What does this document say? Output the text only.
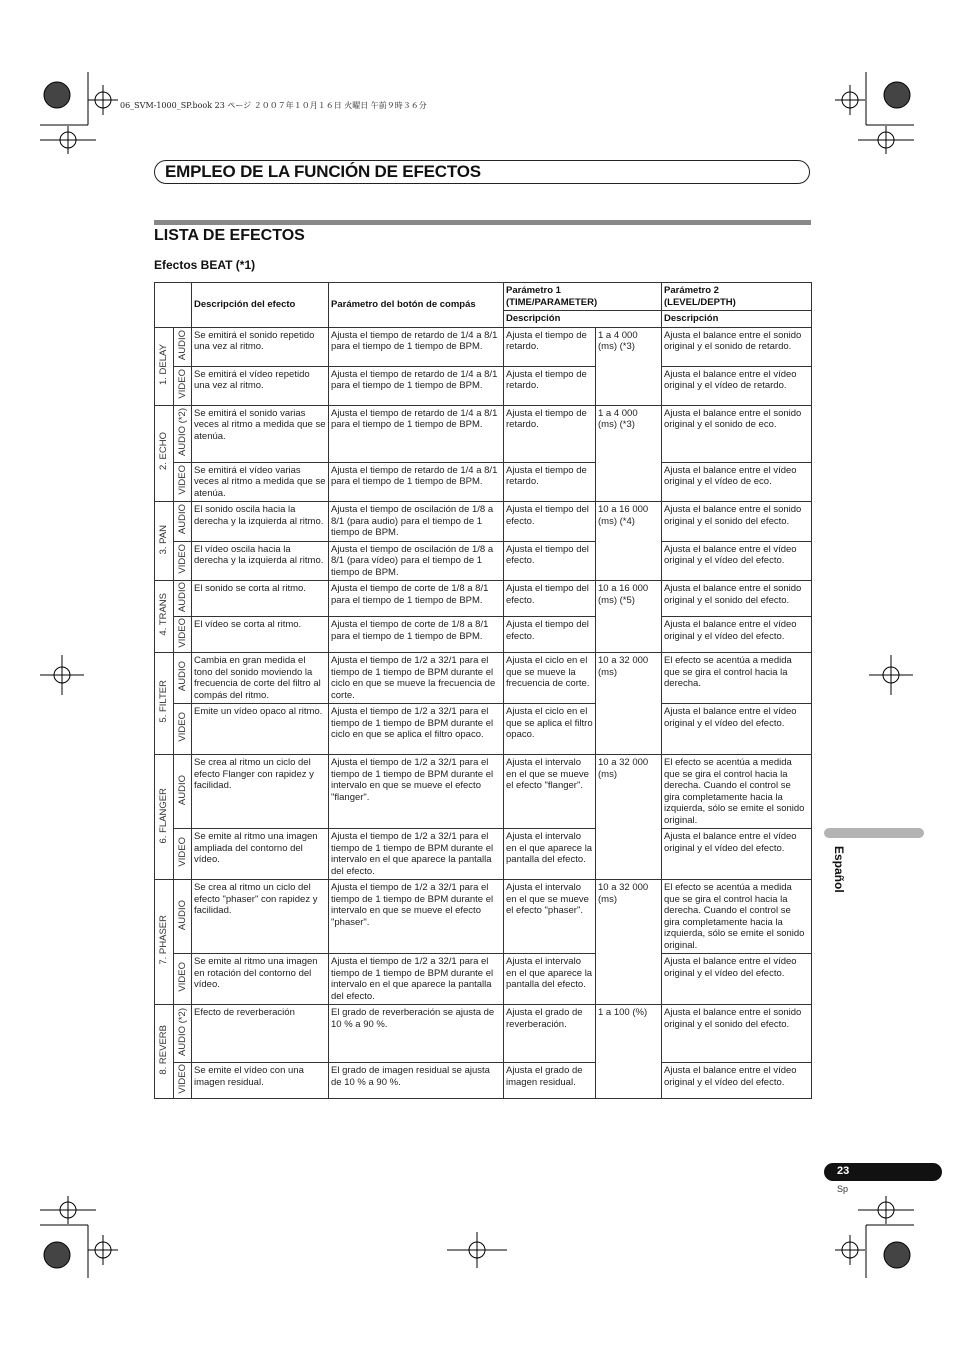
06_SVM-1000_SP.book 23 ページ ２００７年１０月１６日 火曜日 午前９時３６分
EMPLEO DE LA FUNCIÓN DE EFECTOS
LISTA DE EFECTOS
Efectos BEAT (*1)
		Descripción del efecto	Parámetro del botón de compás	Parámetro 1
(TIME/PARAMETER)		Parámetro 2
(LEVEL/DEPTH)
				Descripción		Descripción
1. DELAY	AUDIO	Se emitirá el sonido repetido una vez al ritmo.	Ajusta el tiempo de retardo de 1/4 a 8/1 para el tiempo de 1 tiempo de BPM.	Ajusta el tiempo de retardo.	1 a 4 000 (ms) (*3)	Ajusta el balance entre el sonido original y el sonido de retardo.
	VIDEO	Se emitirá el vídeo repetido una vez al ritmo.	Ajusta el tiempo de retardo de 1/4 a 8/1 para el tiempo de 1 tiempo de BPM.	Ajusta el tiempo de retardo.		Ajusta el balance entre el vídeo original y el vídeo de retardo.
2. ECHO	AUDIO (*2)	Se emitirá el sonido varias veces al ritmo a medida que se atenúa.	Ajusta el tiempo de retardo de 1/4 a 8/1 para el tiempo de 1 tiempo de BPM.	Ajusta el tiempo de retardo.	1 a 4 000 (ms) (*3)	Ajusta el balance entre el sonido original y el sonido de eco.
	VIDEO	Se emitirá el vídeo varias veces al ritmo a medida que se atenúa.	Ajusta el tiempo de retardo de 1/4 a 8/1 para el tiempo de 1 tiempo de BPM.	Ajusta el tiempo de retardo.		Ajusta el balance entre el vídeo original y el vídeo de eco.
3. PAN	AUDIO	El sonido oscila hacia la derecha y la izquierda al ritmo.	Ajusta el tiempo de oscilación de 1/8 a 8/1 (para audio) para el tiempo de 1 tiempo de BPM.	Ajusta el tiempo del efecto.	10 a 16 000 (ms) (*4)	Ajusta el balance entre el sonido original y el sonido del efecto.
	VIDEO	El vídeo oscila hacia la derecha y la izquierda al ritmo.	Ajusta el tiempo de oscilación de 1/8 a 8/1 (para vídeo) para el tiempo de 1 tiempo de BPM.	Ajusta el tiempo del efecto.		Ajusta el balance entre el vídeo original y el vídeo del efecto.
4. TRANS	AUDIO	El sonido se corta al ritmo.	Ajusta el tiempo de corte de 1/8 a 8/1 para el tiempo de 1 tiempo de BPM.	Ajusta el tiempo del efecto.	10 a 16 000 (ms) (*5)	Ajusta el balance entre el sonido original y el sonido del efecto.
	VIDEO	El vídeo se corta al ritmo.	Ajusta el tiempo de corte de 1/8 a 8/1 para el tiempo de 1 tiempo de BPM.	Ajusta el tiempo del efecto.		Ajusta el balance entre el vídeo original y el vídeo del efecto.
5. FILTER	AUDIO	Cambia en gran medida el tono del sonido moviendo la frecuencia de corte del filtro al compás del ritmo.	Ajusta el tiempo de 1/2 a 32/1 para el tiempo de 1 tiempo de BPM durante el ciclo en que se mueve la frecuencia de corte.	Ajusta el ciclo en el que se mueve la frecuencia de corte.	10 a 32 000 (ms)	El efecto se acentúa a medida que se gira el control hacia la derecha.
	VIDEO	Emite un vídeo opaco al ritmo.	Ajusta el tiempo de 1/2 a 32/1 para el tiempo de 1 tiempo de BPM durante el ciclo en que se aplica el filtro opaco.	Ajusta el ciclo en el que se aplica el filtro opaco.		Ajusta el balance entre el vídeo original y el vídeo del efecto.
6. FLANGER	AUDIO	Se crea al ritmo un ciclo del efecto Flanger con rapidez y facilidad.	Ajusta el tiempo de 1/2 a 32/1 para el tiempo de 1 tiempo de BPM durante el intervalo en que se mueve el efecto "flanger".	Ajusta el intervalo en el que se mueve el efecto "flanger".	10 a 32 000 (ms)	El efecto se acentúa a medida que se gira el control hacia la derecha. Cuando el control se gira completamente hacia la izquierda, sólo se emite el sonido original.
	VIDEO	Se emite al ritmo una imagen ampliada del contorno del vídeo.	Ajusta el tiempo de 1/2 a 32/1 para el tiempo de 1 tiempo de BPM durante el intervalo en el que aparece la pantalla del efecto.	Ajusta el intervalo en el que aparece la pantalla del efecto.		Ajusta el balance entre el vídeo original y el vídeo del efecto.
7. PHASER	AUDIO	Se crea al ritmo un ciclo del efecto "phaser" con rapidez y facilidad.	Ajusta el tiempo de 1/2 a 32/1 para el tiempo de 1 tiempo de BPM durante el intervalo en que se mueve el efecto "phaser".	Ajusta el intervalo en el que se mueve el efecto "phaser".	10 a 32 000 (ms)	El efecto se acentúa a medida que se gira el control hacia la derecha. Cuando el control se gira completamente hacia la izquierda, sólo se emite el sonido original.
	VIDEO	Se emite al ritmo una imagen en rotación del contorno del vídeo.	Ajusta el tiempo de 1/2 a 32/1 para el tiempo de 1 tiempo de BPM durante el intervalo en el que aparece la pantalla del efecto.	Ajusta el intervalo en el que aparece la pantalla del efecto.		Ajusta el balance entre el vídeo original y el vídeo del efecto.
8. REVERB	AUDIO (*2)	Efecto de reverberación	El grado de reverberación se ajusta de 10 % a 90 %.	Ajusta el grado de reverberación.	1 a 100 (%)	Ajusta el balance entre el sonido original y el sonido del efecto.
	VIDEO	Se emite el vídeo con una imagen residual.	El grado de imagen residual se ajusta de 10 % a 90 %.	Ajusta el grado de imagen residual.		Ajusta el balance entre el vídeo original y el vídeo del efecto.
Español
23
Sp
